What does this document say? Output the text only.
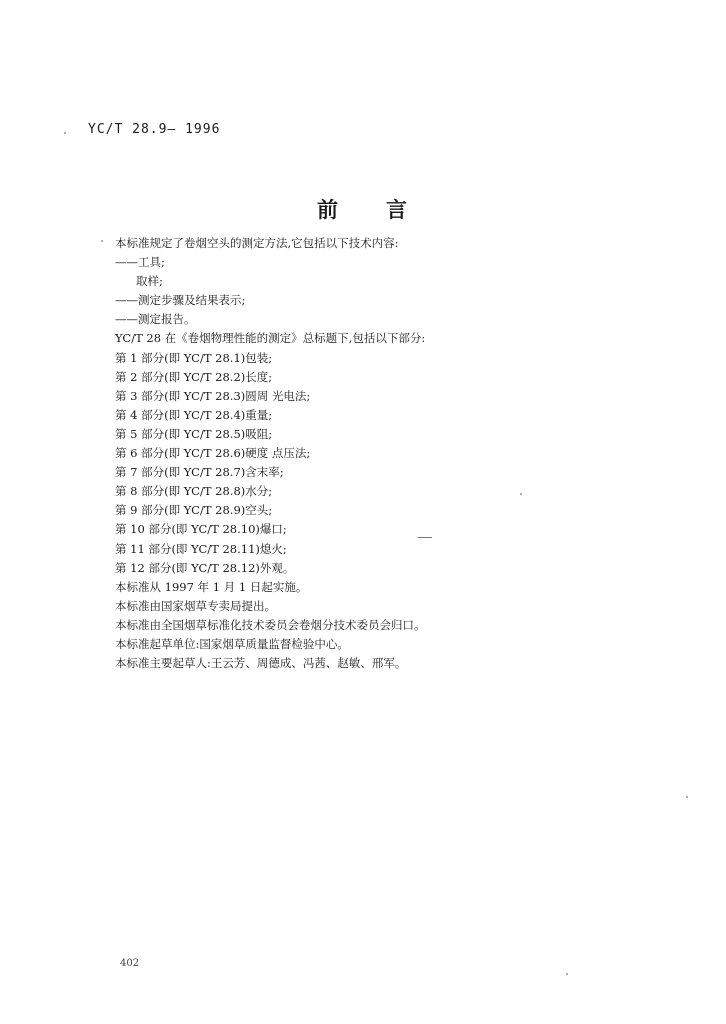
YC/T 28.9— 1996
前言
本标准规定了卷烟空头的测定方法,它包括以下技术内容:
——工具;
取样;
——测定步骤及结果表示;
——测定报告。
YC/T 28 在《卷烟物理性能的测定》总标题下,包括以下部分:
第 1 部分(即 YC/T 28.1)包装;
第 2 部分(即 YC/T 28.2)长度;
第 3 部分(即 YC/T 28.3)圆周 光电法;
第 4 部分(即 YC/T 28.4)重量;
第 5 部分(即 YC/T 28.5)吸阻;
第 6 部分(即 YC/T 28.6)硬度 点压法;
第 7 部分(即 YC/T 28.7)含末率;
第 8 部分(即 YC/T 28.8)水分;
第 9 部分(即 YC/T 28.9)空头;
第 10 部分(即 YC/T 28.10)爆口;
第 11 部分(即 YC/T 28.11)熄火;
第 12 部分(即 YC/T 28.12)外观。
本标准从 1997 年 1 月 1 日起实施。
本标准由国家烟草专卖局提出。
本标准由全国烟草标准化技术委员会卷烟分技术委员会归口。
本标准起草单位:国家烟草质量监督检验中心。
本标准主要起草人:王云芳、周德成、冯茜、赵敏、邢军。
402
